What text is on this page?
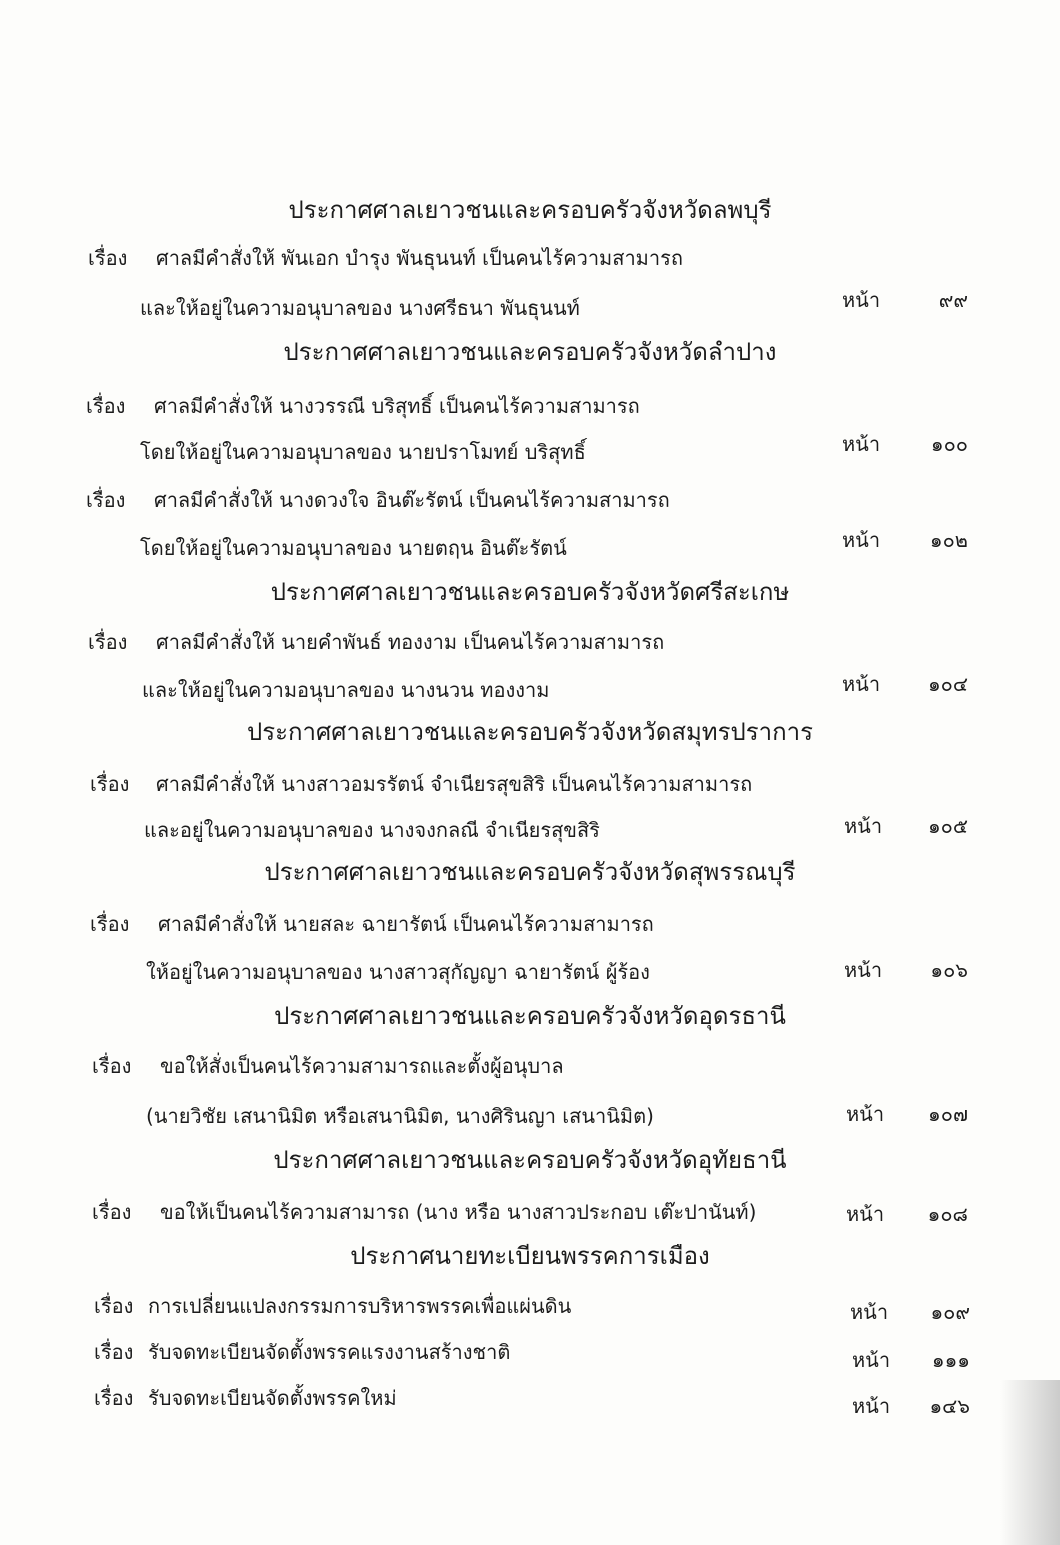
ประกาศศาลเยาวชนและครอบครัวจังหวัดลพบุรี
เรื่อง ศาลมีคำสั่งให้ พันเอก บำรุง พันธุนนท์ เป็นคนไร้ความสามารถ
และให้อยู่ในความอนุบาลของ นางศรีธนา พันธุนนท์	หน้า	๙๙
ประกาศศาลเยาวชนและครอบครัวจังหวัดลำปาง
เรื่อง ศาลมีคำสั่งให้ นางวรรณี บริสุทธิ์ เป็นคนไร้ความสามารถ
โดยให้อยู่ในความอนุบาลของ นายปราโมทย์ บริสุทธิ์	หน้า	๑๐๐
เรื่อง ศาลมีคำสั่งให้ นางดวงใจ อินต๊ะรัตน์ เป็นคนไร้ความสามารถ
โดยให้อยู่ในความอนุบาลของ นายตฤน อินต๊ะรัตน์	หน้า	๑๐๒
ประกาศศาลเยาวชนและครอบครัวจังหวัดศรีสะเกษ
เรื่อง ศาลมีคำสั่งให้ นายคำพันธ์ ทองงาม เป็นคนไร้ความสามารถ
และให้อยู่ในความอนุบาลของ นางนวน ทองงาม	หน้า	๑๐๔
ประกาศศาลเยาวชนและครอบครัวจังหวัดสมุทรปราการ
เรื่อง ศาลมีคำสั่งให้ นางสาวอมรรัตน์ จำเนียรสุขสิริ เป็นคนไร้ความสามารถ
และอยู่ในความอนุบาลของ นางจงกลณี จำเนียรสุขสิริ	หน้า	๑๐๕
ประกาศศาลเยาวชนและครอบครัวจังหวัดสุพรรณบุรี
เรื่อง ศาลมีคำสั่งให้ นายสละ ฉายารัตน์ เป็นคนไร้ความสามารถ
ให้อยู่ในความอนุบาลของ นางสาวสุกัญญา ฉายารัตน์ ผู้ร้อง	หน้า	๑๐๖
ประกาศศาลเยาวชนและครอบครัวจังหวัดอุดรธานี
เรื่อง ขอให้สั่งเป็นคนไร้ความสามารถและตั้งผู้อนุบาล
(นายวิชัย เสนานิมิต หรือเสนานิมิต, นางศิรินญา เสนานิมิต)	หน้า	๑๐๗
ประกาศศาลเยาวชนและครอบครัวจังหวัดอุทัยธานี
เรื่อง ขอให้เป็นคนไร้ความสามารถ (นาง หรือ นางสาวประกอบ เต๊ะปานันท์)	หน้า	๑๐๘
ประกาศนายทะเบียนพรรคการเมือง
เรื่อง การเปลี่ยนแปลงกรรมการบริหารพรรคเพื่อแผ่นดิน	หน้า	๑๐๙
เรื่อง รับจดทะเบียนจัดตั้งพรรคแรงงานสร้างชาติ	หน้า	๑๑๑
เรื่อง รับจดทะเบียนจัดตั้งพรรคใหม่	หน้า	๑๔๖
